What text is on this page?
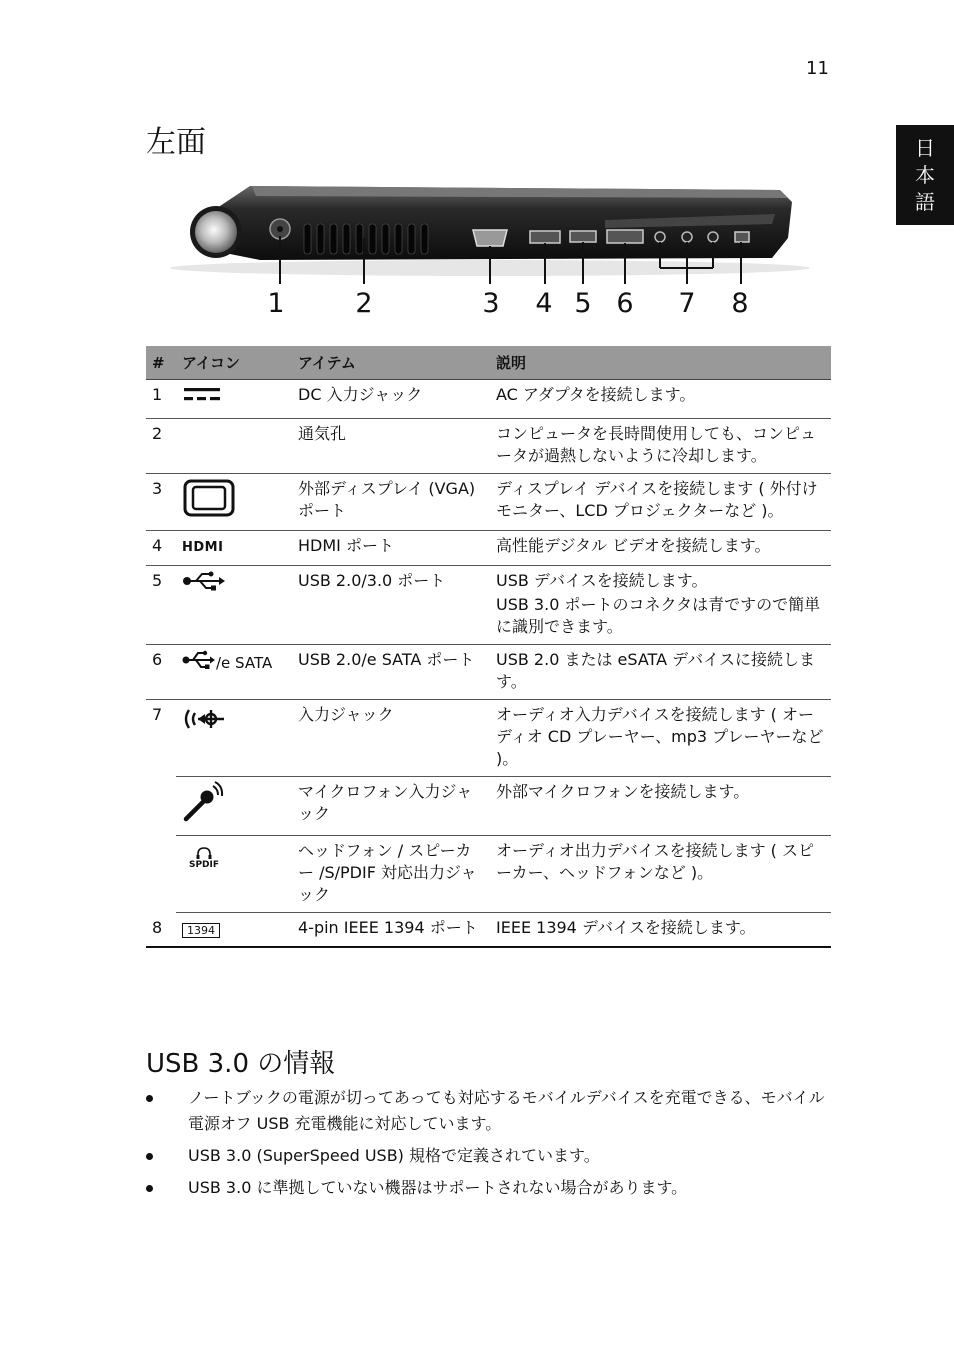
11
日
本
語
左面
1	2	3 4 5 6 7 8
#	アイコン	アイテム	説明
1		DC 入力ジャック	AC アダプタを接続します。

2		通気孔	コンピュータを長時間使用しても、コンピュータが過熱しないように冷却します。

3		外部ディスプレイ (VGA) ポート	ディスプレイ デバイスを接続します ( 外付けモニター、LCD プロジェクターなど )。

4	HDMI	HDMI ポート	高性能デジタル ビデオを接続します。

5		USB 2.0/3.0 ポート	USB デバイスを接続します。
USB 3.0 ポートのコネクタは青ですので簡単に識別できます。

6	/e SATA	USB 2.0/e SATA ポート	USB 2.0 または eSATA デバイスに接続します。

7		入力ジャック	オーディオ入力デバイスを接続します ( オーディオ CD プレーヤー、mp3 プレーヤーなど )。

		マイクロフォン入力ジャック	外部マイクロフォンを接続します。

	SPDIF	ヘッドフォン / スピーカー /S/PDIF 対応出力ジャック	オーディオ出力デバイスを接続します ( スピーカー、ヘッドフォンなど )。

8	1394	4-pin IEEE 1394 ポート	IEEE 1394 デバイスを接続します。
USB 3.0 の情報
ノートブックの電源が切ってあっても対応するモバイルデバイスを充電できる、モバイル電源オフ USB 充電機能に対応しています。
USB 3.0 (SuperSpeed USB) 規格で定義されています。
USB 3.0 に準拠していない機器はサポートされない場合があります。
